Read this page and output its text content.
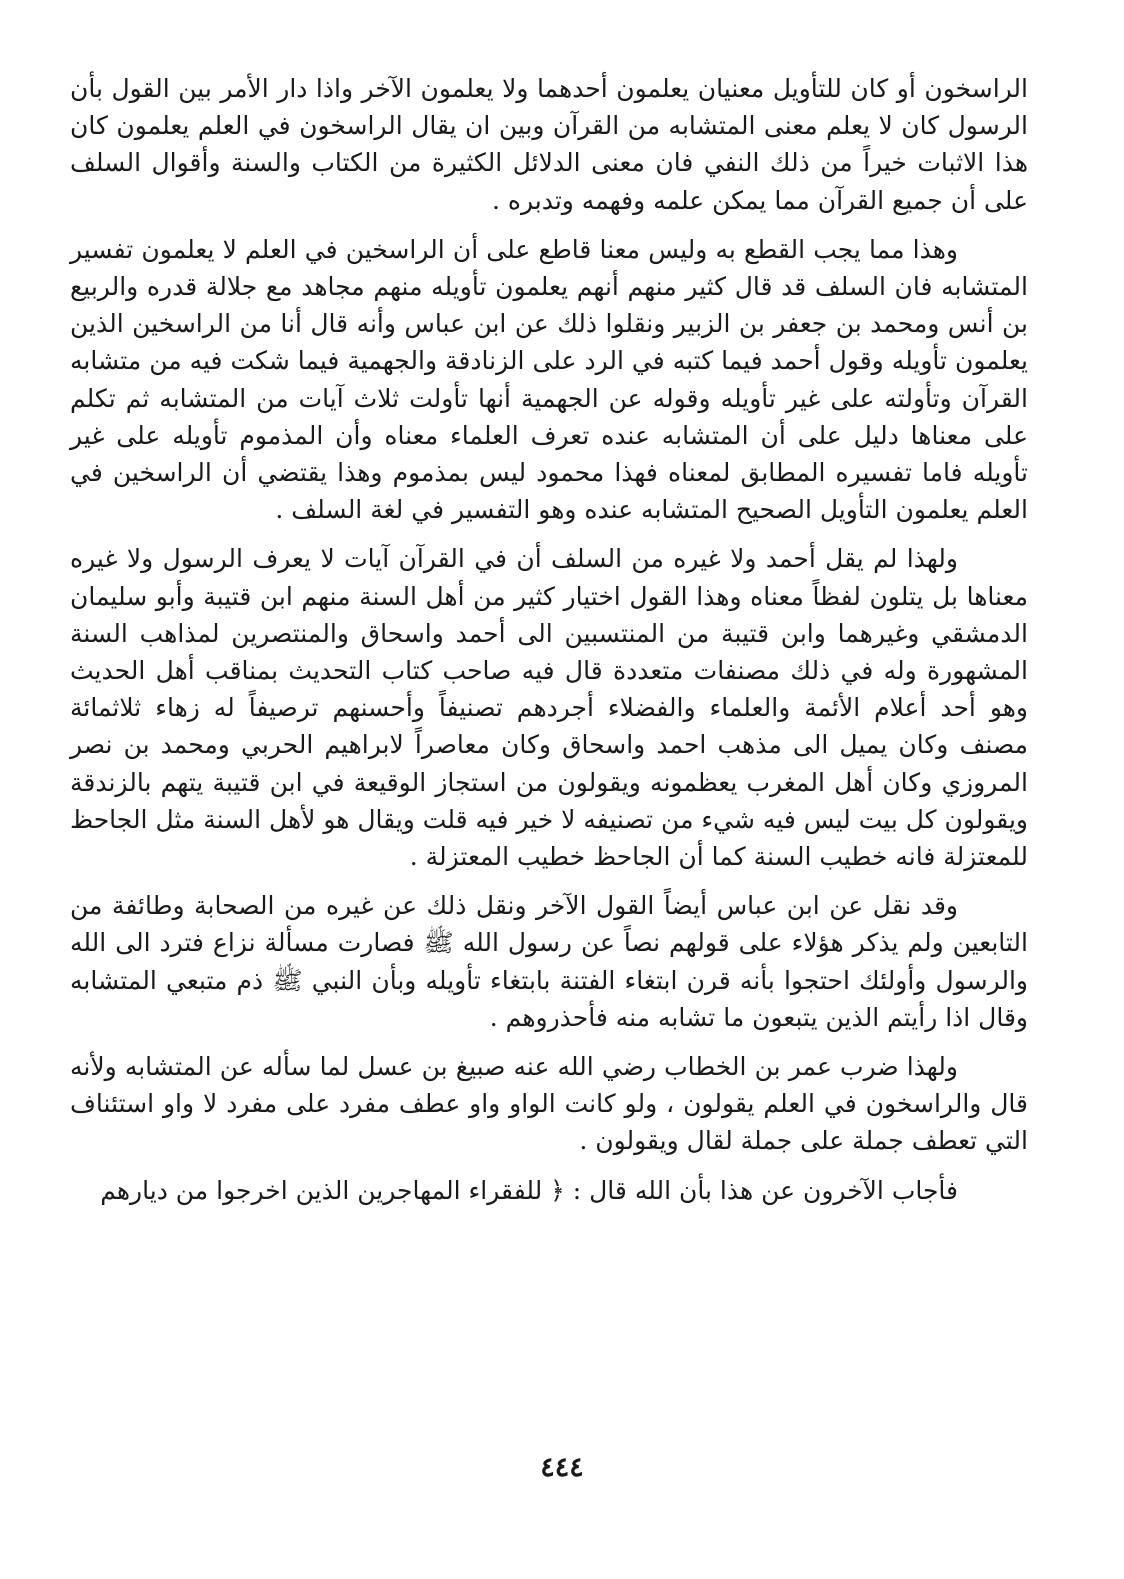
الراسخون أو كان للتأويل معنيان يعلمون أحدهما ولا يعلمون الآخر واذا دار الأمر بين القول بأن الرسول كان لا يعلم معنى المتشابه من القرآن وبين ان يقال الراسخون في العلم يعلمون كان هذا الاثبات خيراً من ذلك النفي فان معنى الدلائل الكثيرة من الكتاب والسنة وأقوال السلف على أن جميع القرآن مما يمكن علمه وفهمه وتدبره .

وهذا مما يجب القطع به وليس معنا قاطع على أن الراسخين في العلم لا يعلمون تفسير المتشابه فان السلف قد قال كثير منهم أنهم يعلمون تأويله منهم مجاهد مع جلالة قدره والربيع بن أنس ومحمد بن جعفر بن الزبير ونقلوا ذلك عن ابن عباس وأنه قال أنا من الراسخين الذين يعلمون تأويله وقول أحمد فيما كتبه في الرد على الزنادقة والجهمية فيما شكت فيه من متشابه القرآن وتأولته على غير تأويله وقوله عن الجهمية أنها تأولت ثلاث آيات من المتشابه ثم تكلم على معناها دليل على أن المتشابه عنده تعرف العلماء معناه وأن المذموم تأويله على غير تأويله فاما تفسيره المطابق لمعناه فهذا محمود ليس بمذموم وهذا يقتضي أن الراسخين في العلم يعلمون التأويل الصحيح المتشابه عنده وهو التفسير في لغة السلف .

ولهذا لم يقل أحمد ولا غيره من السلف أن في القرآن آيات لا يعرف الرسول ولا غيره معناها بل يتلون لفظاً معناه وهذا القول اختيار كثير من أهل السنة منهم ابن قتيبة وأبو سليمان الدمشقي وغيرهما وابن قتيبة من المنتسبين الى أحمد واسحاق والمنتصرين لمذاهب السنة المشهورة وله في ذلك مصنفات متعددة قال فيه صاحب كتاب التحديث بمناقب أهل الحديث وهو أحد أعلام الأئمة والعلماء والفضلاء أجردهم تصنيفاً وأحسنهم ترصيفاً له زهاء ثلاثمائة مصنف وكان يميل الى مذهب احمد واسحاق وكان معاصراً لابراهيم الحربي ومحمد بن نصر المروزي وكان أهل المغرب يعظمونه ويقولون من استجاز الوقيعة في ابن قتيبة يتهم بالزندقة ويقولون كل بيت ليس فيه شيء من تصنيفه لا خير فيه قلت ويقال هو لأهل السنة مثل الجاحظ للمعتزلة فانه خطيب السنة كما أن الجاحظ خطيب المعتزلة .

وقد نقل عن ابن عباس أيضاً القول الآخر ونقل ذلك عن غيره من الصحابة وطائفة من التابعين ولم يذكر هؤلاء على قولهم نصاً عن رسول الله ﷺ فصارت مسألة نزاع فترد الى الله والرسول وأولئك احتجوا بأنه قرن ابتغاء الفتنة بابتغاء تأويله وبأن النبي ﷺ ذم متبعي المتشابه وقال اذا رأيتم الذين يتبعون ما تشابه منه فأحذروهم .

ولهذا ضرب عمر بن الخطاب رضي الله عنه صبيغ بن عسل لما سأله عن المتشابه ولأنه قال والراسخون في العلم يقولون ، ولو كانت الواو واو عطف مفرد على مفرد لا واو استئناف التي تعطف جملة على جملة لقال ويقولون .

فأجاب الآخرون عن هذا بأن الله قال : ﴿ للفقراء المهاجرين الذين اخرجوا من ديارهم

٤٤٤
